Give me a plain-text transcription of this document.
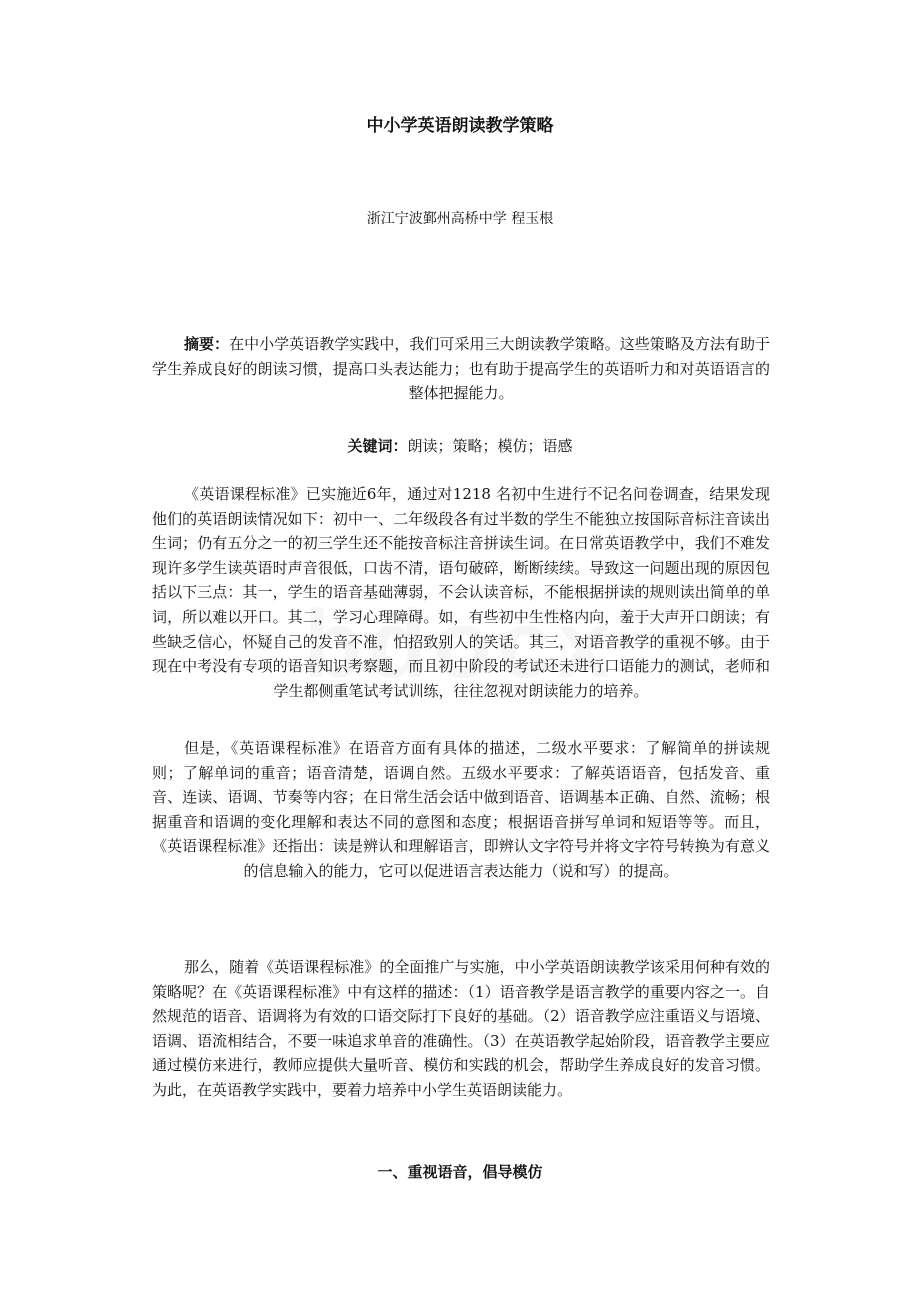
中小学英语朗读教学策略
浙江宁波鄞州高桥中学 程玉根
摘要：在中小学英语教学实践中，我们可采用三大朗读教学策略。这些策略及方法有助于学生养成良好的朗读习惯，提高口头表达能力；也有助于提高学生的英语听力和对英语语言的整体把握能力。
关键词：朗读；策略；模仿；语感
《英语课程标准》已实施近6年，通过对1218 名初中生进行不记名问卷调查，结果发现他们的英语朗读情况如下：初中一、二年级段各有过半数的学生不能独立按国际音标注音读出生词；仍有五分之一的初三学生还不能按音标注音拼读生词。在日常英语教学中，我们不难发现许多学生读英语时声音很低，口齿不清，语句破碎，断断续续。导致这一问题出现的原因包括以下三点：其一，学生的语音基础薄弱，不会认读音标，不能根据拼读的规则读出简单的单词，所以难以开口。其二，学习心理障碍。如，有些初中生性格内向，羞于大声开口朗读；有些缺乏信心，怀疑自己的发音不准，怕招致别人的笑话。其三，对语音教学的重视不够。由于现在中考没有专项的语音知识考察题，而且初中阶段的考试还未进行口语能力的测试，老师和学生都侧重笔试考试训练，往往忽视对朗读能力的培养。
但是，《英语课程标准》在语音方面有具体的描述，二级水平要求：了解简单的拼读规则；了解单词的重音；语音清楚，语调自然。五级水平要求：了解英语语音，包括发音、重音、连读、语调、节奏等内容；在日常生活会话中做到语音、语调基本正确、自然、流畅；根据重音和语调的变化理解和表达不同的意图和态度；根据语音拼写单词和短语等等。而且，《英语课程标准》还指出：读是辨认和理解语言，即辨认文字符号并将文字符号转换为有意义的信息输入的能力，它可以促进语言表达能力（说和写）的提高。
那么，随着《英语课程标准》的全面推广与实施，中小学英语朗读教学该采用何种有效的策略呢？在《英语课程标准》中有这样的描述：（1）语音教学是语言教学的重要内容之一。自然规范的语音、语调将为有效的口语交际打下良好的基础。（2）语音教学应注重语义与语境、语调、语流相结合，不要一味追求单音的准确性。（3）在英语教学起始阶段，语音教学主要应通过模仿来进行，教师应提供大量听音、模仿和实践的机会，帮助学生养成良好的发音习惯。为此，在英语教学实践中，要着力培养中小学生英语朗读能力。
一、重视语音，倡导模仿
